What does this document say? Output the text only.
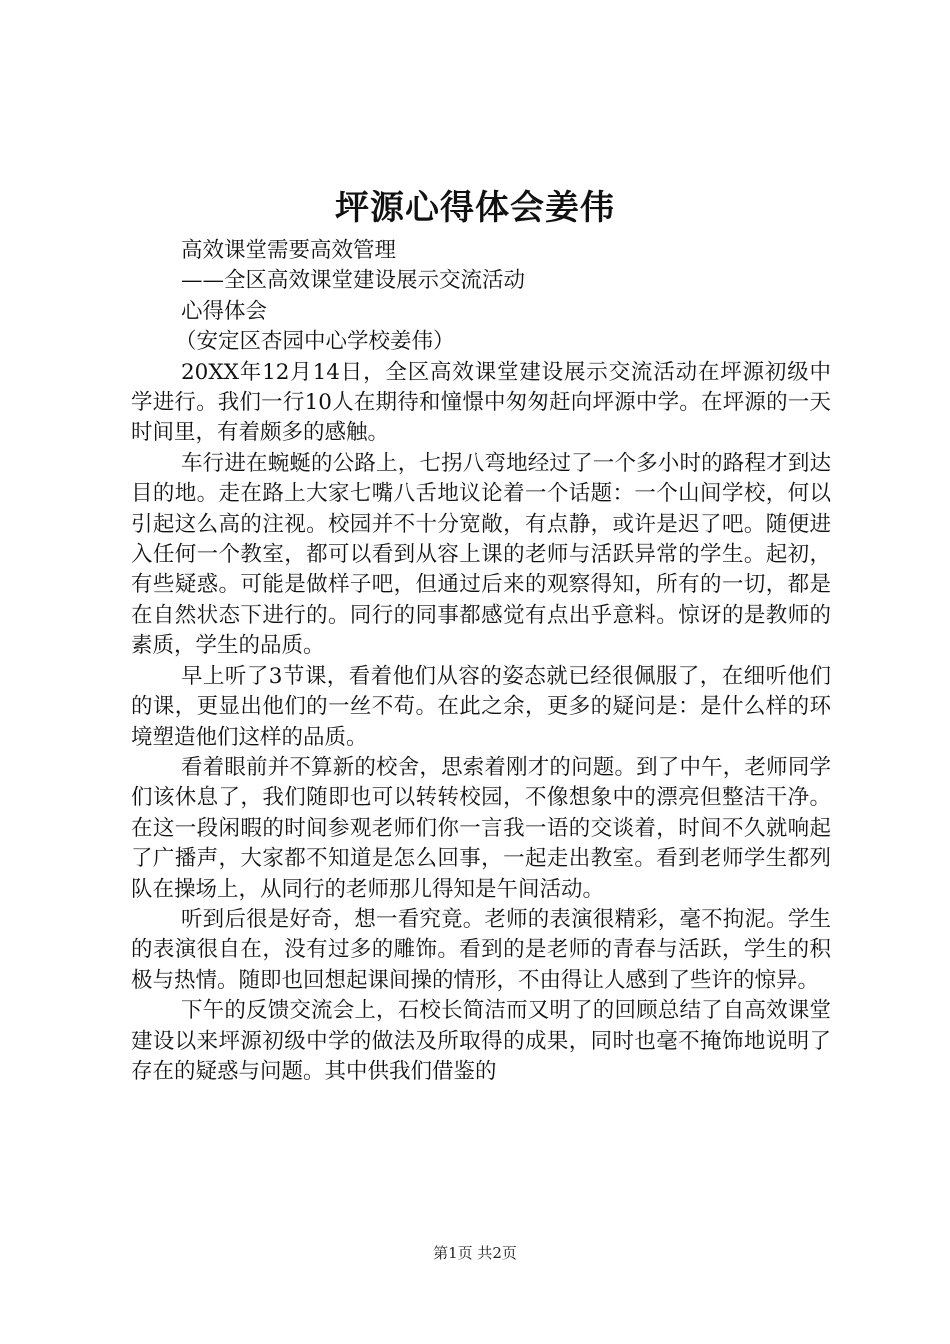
坪源心得体会姜伟

高效课堂需要高效管理

——全区高效课堂建设展示交流活动

心得体会

（安定区杏园中心学校姜伟）

20XX年12月14日，全区高效课堂建设展示交流活动在坪源初级中学进行。我们一行10人在期待和憧憬中匆匆赶向坪源中学。在坪源的一天时间里，有着颇多的感触。

车行进在蜿蜒的公路上，七拐八弯地经过了一个多小时的路程才到达目的地。走在路上大家七嘴八舌地议论着一个话题：一个山间学校，何以引起这么高的注视。校园并不十分宽敞，有点静，或许是迟了吧。随便进入任何一个教室，都可以看到从容上课的老师与活跃异常的学生。起初，有些疑惑。可能是做样子吧，但通过后来的观察得知，所有的一切，都是在自然状态下进行的。同行的同事都感觉有点出乎意料。惊讶的是教师的素质，学生的品质。

早上听了3节课，看着他们从容的姿态就已经很佩服了，在细听他们的课，更显出他们的一丝不苟。在此之余，更多的疑问是：是什么样的环境塑造他们这样的品质。

看着眼前并不算新的校舍，思索着刚才的问题。到了中午，老师同学们该休息了，我们随即也可以转转校园，不像想象中的漂亮但整洁干净。在这一段闲暇的时间参观老师们你一言我一语的交谈着，时间不久就响起了广播声，大家都不知道是怎么回事，一起走出教室。看到老师学生都列队在操场上，从同行的老师那儿得知是午间活动。

听到后很是好奇，想一看究竟。老师的表演很精彩，毫不拘泥。学生的表演很自在，没有过多的雕饰。看到的是老师的青春与活跃，学生的积极与热情。随即也回想起课间操的情形，不由得让人感到了些许的惊异。

下午的反馈交流会上，石校长简洁而又明了的回顾总结了自高效课堂建设以来坪源初级中学的做法及所取得的成果，同时也毫不掩饰地说明了存在的疑惑与问题。其中供我们借鉴的

第1页 共2页
